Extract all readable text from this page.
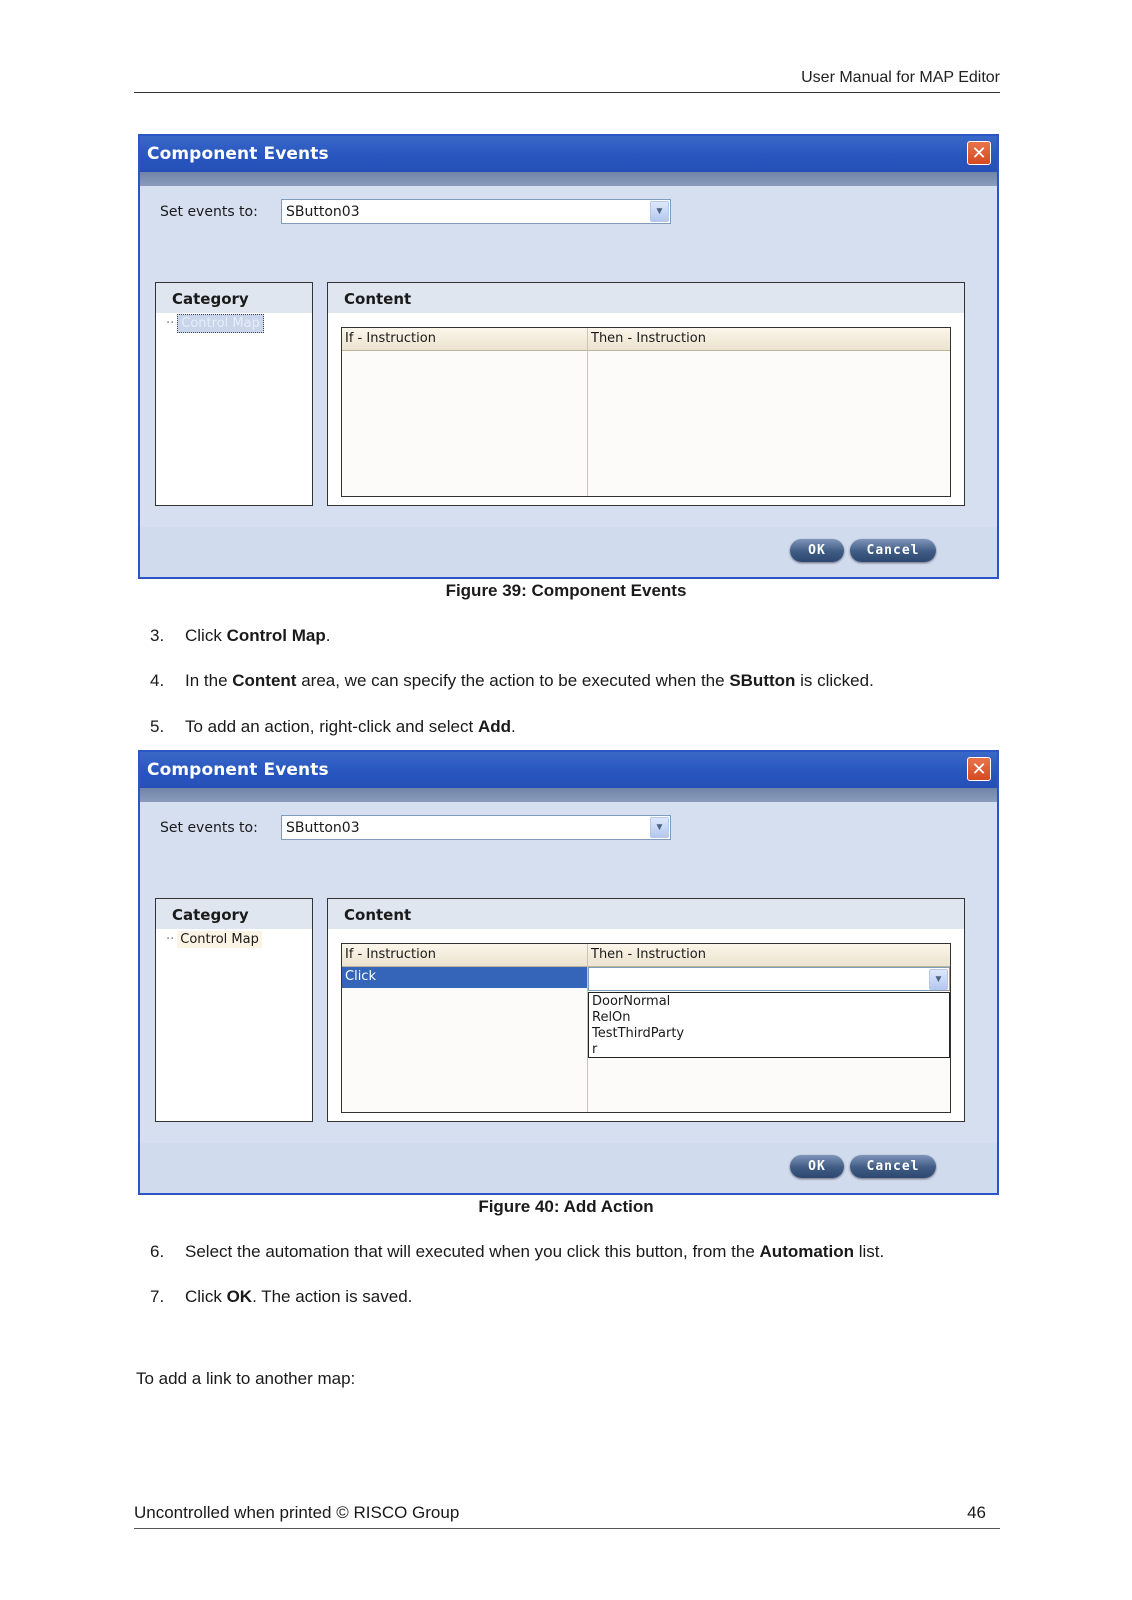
User Manual for MAP Editor
Component Events	✕
Set events to: SButton03	▼
Category
·· Control Map
Content
If - Instruction	Then - Instruction
OK	Cancel
Figure 39: Component Events
3. Click Control Map.
4. In the Content area, we can specify the action to be executed when the SButton is clicked.
5. To add an action, right-click and select Add.
Component Events	✕
Set events to: SButton03	▼
Category
·· Control Map
Content
If - Instruction	Then - Instruction
Click	▼
DoorNormal
RelOn
TestThirdParty
r
OK	Cancel
Figure 40: Add Action
6. Select the automation that will executed when you click this button, from the Automation list.
7. Click OK. The action is saved.
To add a link to another map:
Uncontrolled when printed © RISCO Group	46
